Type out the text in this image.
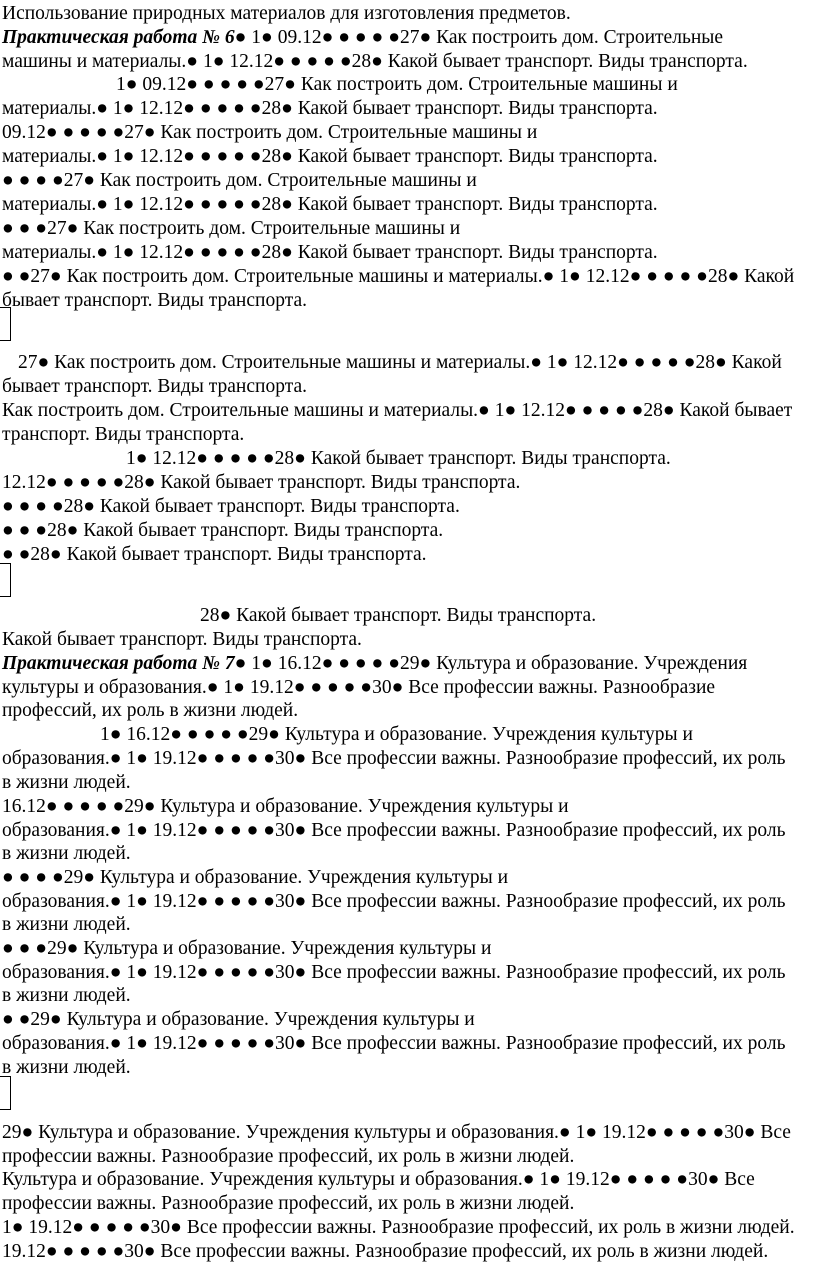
Использование природных материалов для изготовления предметов.
Практическая работа № 6● 1● 09.12● ● ● ● ●27● Как построить дом. Строительные
машины и материалы.● 1● 12.12● ● ● ● ●28● Какой бывает транспорт. Виды транспорта.
1● 09.12● ● ● ● ●27● Как построить дом. Строительные машины и
материалы.● 1● 12.12● ● ● ● ●28● Какой бывает транспорт. Виды транспорта.
09.12● ● ● ● ●27● Как построить дом. Строительные машины и
материалы.● 1● 12.12● ● ● ● ●28● Какой бывает транспорт. Виды транспорта.
● ● ● ●27● Как построить дом. Строительные машины и
материалы.● 1● 12.12● ● ● ● ●28● Какой бывает транспорт. Виды транспорта.
● ● ●27● Как построить дом. Строительные машины и
материалы.● 1● 12.12● ● ● ● ●28● Какой бывает транспорт. Виды транспорта.
● ●27● Как построить дом. Строительные машины и материалы.● 1● 12.12● ● ● ● ●28● Какой
бывает транспорт. Виды транспорта.
27● Как построить дом. Строительные машины и материалы.● 1● 12.12● ● ● ● ●28● Какой
бывает транспорт. Виды транспорта.
Как построить дом. Строительные машины и материалы.● 1● 12.12● ● ● ● ●28● Какой бывает
транспорт. Виды транспорта.
1● 12.12● ● ● ● ●28● Какой бывает транспорт. Виды транспорта.
12.12● ● ● ● ●28● Какой бывает транспорт. Виды транспорта.
● ● ● ●28● Какой бывает транспорт. Виды транспорта.
● ● ●28● Какой бывает транспорт. Виды транспорта.
● ●28● Какой бывает транспорт. Виды транспорта.
28● Какой бывает транспорт. Виды транспорта.
Какой бывает транспорт. Виды транспорта.
Практическая работа № 7● 1● 16.12● ● ● ● ●29● Культура и образование. Учреждения
культуры и образования.● 1● 19.12● ● ● ● ●30● Все профессии важны. Разнообразие
профессий, их роль в жизни людей.
1● 16.12● ● ● ● ●29● Культура и образование. Учреждения культуры и
образования.● 1● 19.12● ● ● ● ●30● Все профессии важны. Разнообразие профессий, их роль
в жизни людей.
16.12● ● ● ● ●29● Культура и образование. Учреждения культуры и
образования.● 1● 19.12● ● ● ● ●30● Все профессии важны. Разнообразие профессий, их роль
в жизни людей.
● ● ● ●29● Культура и образование. Учреждения культуры и
образования.● 1● 19.12● ● ● ● ●30● Все профессии важны. Разнообразие профессий, их роль
в жизни людей.
● ● ●29● Культура и образование. Учреждения культуры и
образования.● 1● 19.12● ● ● ● ●30● Все профессии важны. Разнообразие профессий, их роль
в жизни людей.
● ●29● Культура и образование. Учреждения культуры и
образования.● 1● 19.12● ● ● ● ●30● Все профессии важны. Разнообразие профессий, их роль
в жизни людей.
29● Культура и образование. Учреждения культуры и образования.● 1● 19.12● ● ● ● ●30● Все
профессии важны. Разнообразие профессий, их роль в жизни людей.
Культура и образование. Учреждения культуры и образования.● 1● 19.12● ● ● ● ●30● Все
профессии важны. Разнообразие профессий, их роль в жизни людей.
1● 19.12● ● ● ● ●30● Все профессии важны. Разнообразие профессий, их роль в жизни людей.
19.12● ● ● ● ●30● Все профессии важны. Разнообразие профессий, их роль в жизни людей.
